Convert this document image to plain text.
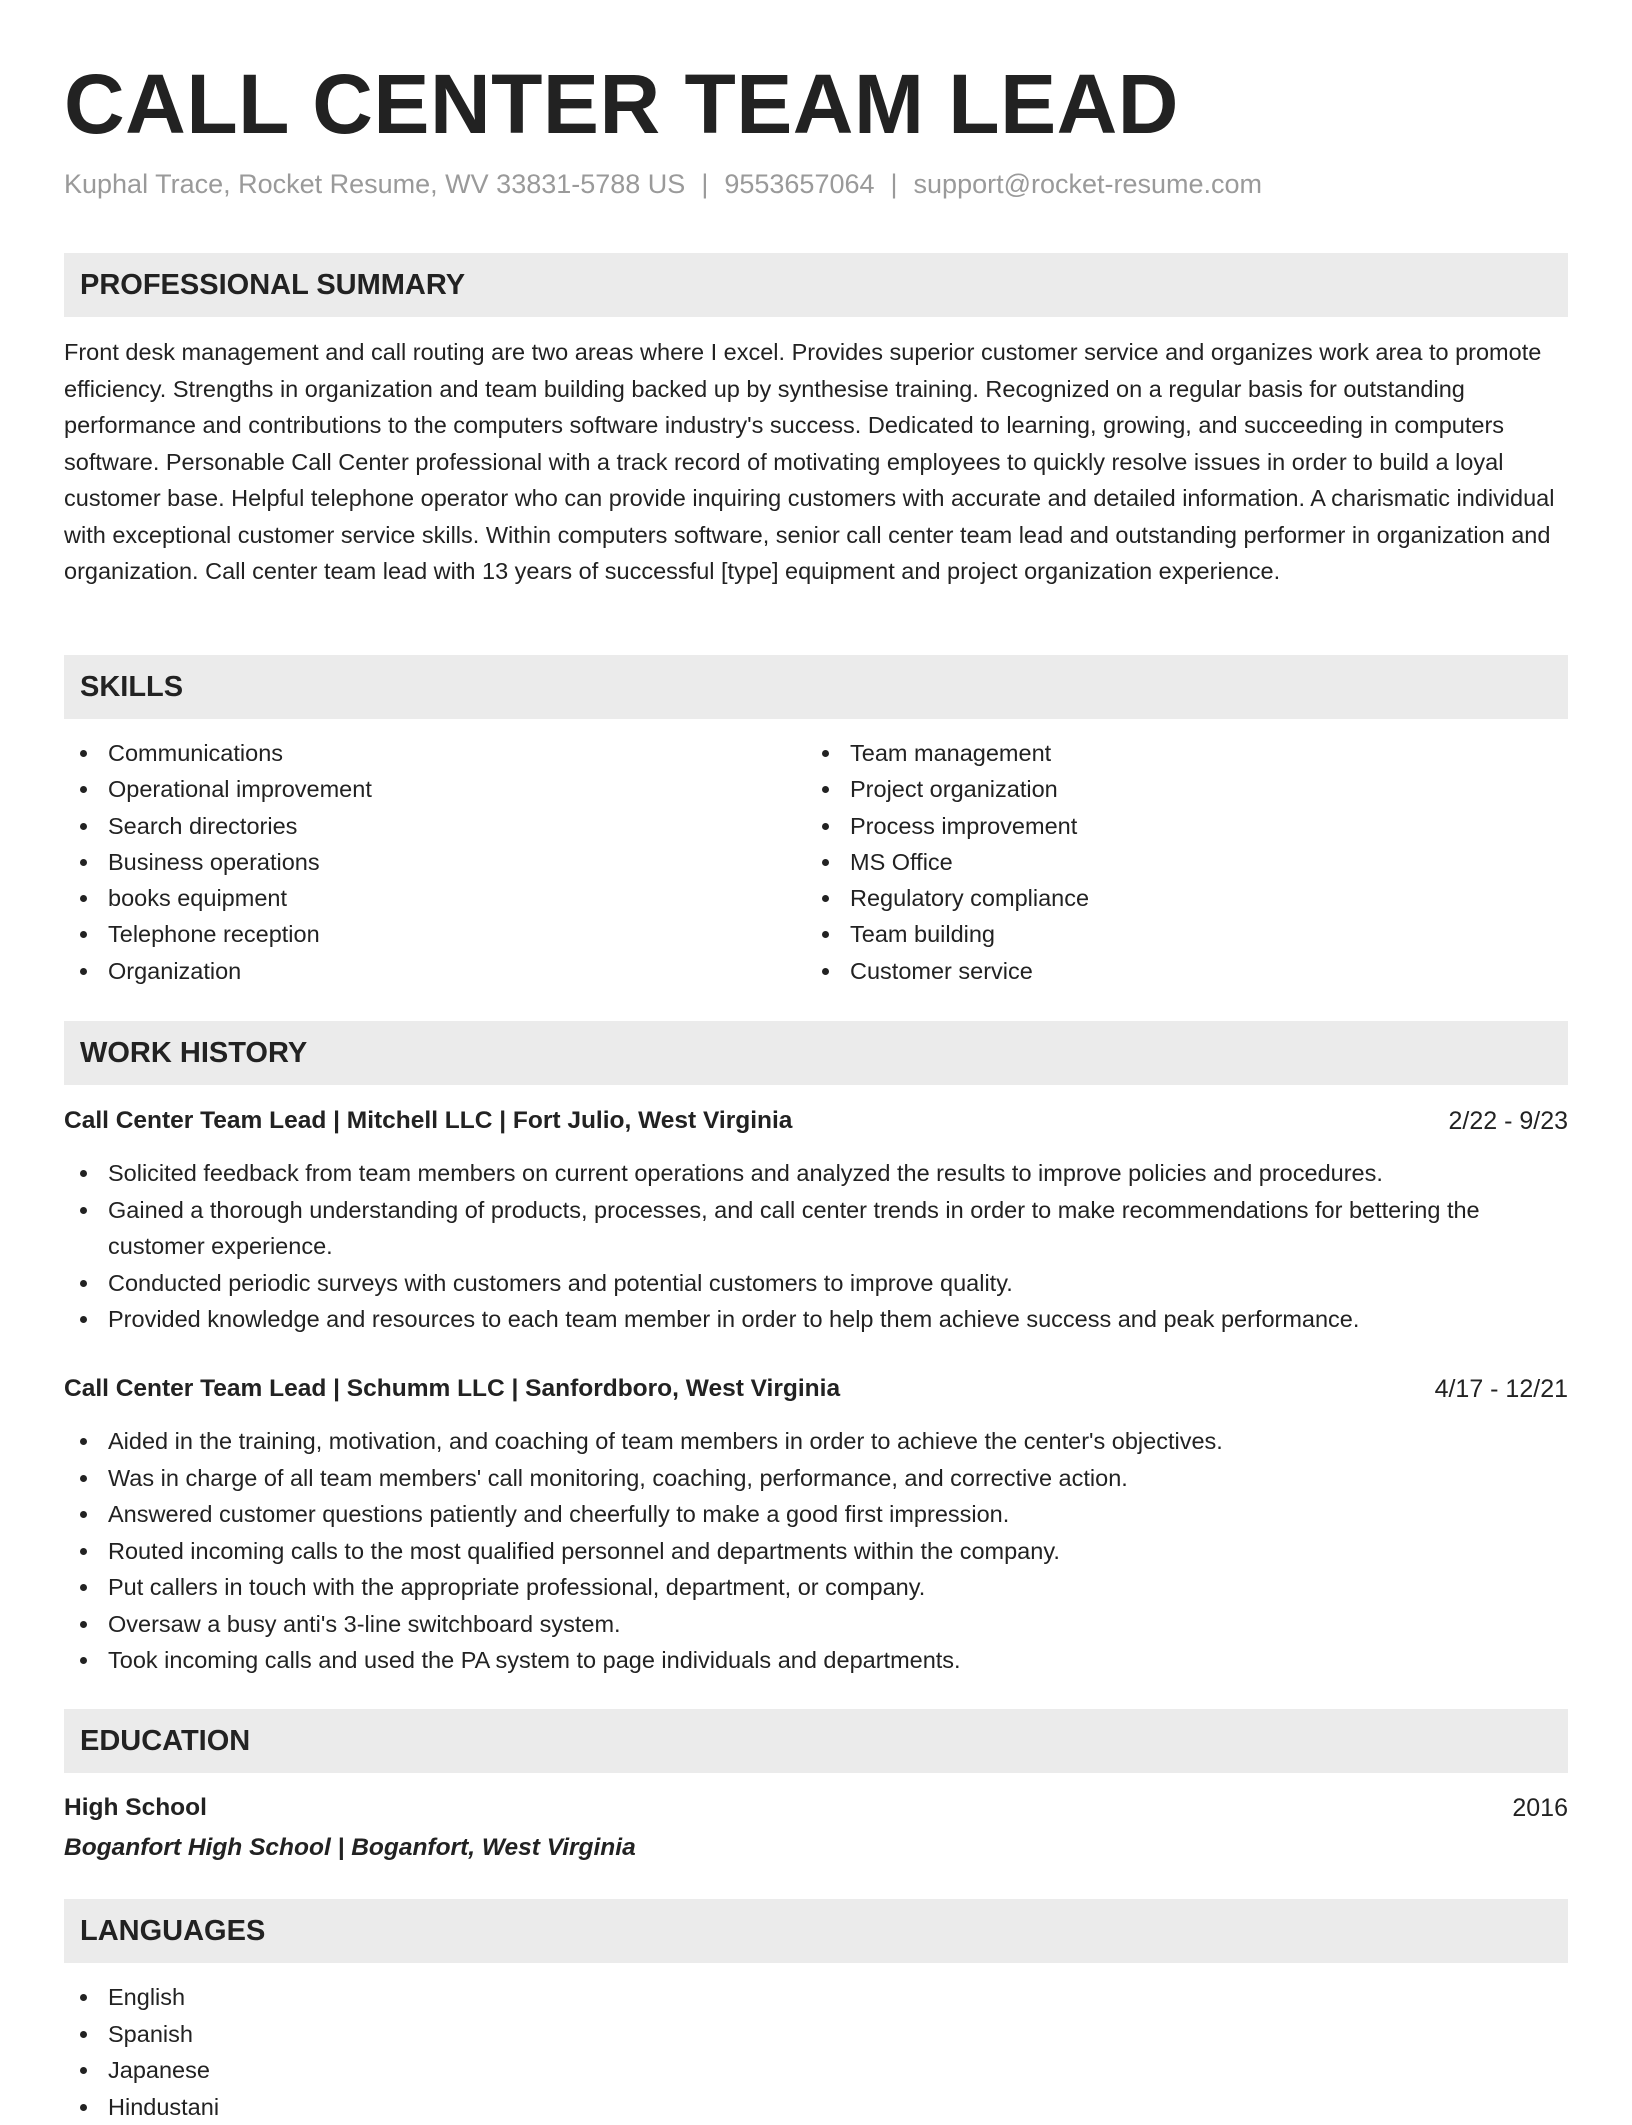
CALL CENTER TEAM LEAD
Kuphal Trace, Rocket Resume, WV 33831-5788 US | 9553657064 | support@rocket-resume.com
PROFESSIONAL SUMMARY

Front desk management and call routing are two areas where I excel. Provides superior customer service and organizes work area to promote efficiency. Strengths in organization and team building backed up by synthesise training. Recognized on a regular basis for outstanding performance and contributions to the computers software industry's success. Dedicated to learning, growing, and succeeding in computers software. Personable Call Center professional with a track record of motivating employees to quickly resolve issues in order to build a loyal customer base. Helpful telephone operator who can provide inquiring customers with accurate and detailed information. A charismatic individual with exceptional customer service skills. Within computers software, senior call center team lead and outstanding performer in organization and organization. Call center team lead with 13 years of successful [type] equipment and project organization experience.

SKILLS
Communications
Operational improvement
Search directories
Business operations
books equipment
Telephone reception
Organization
Team management
Project organization
Process improvement
MS Office
Regulatory compliance
Team building
Customer service
WORK HISTORY
Call Center Team Lead | Mitchell LLC | Fort Julio, West Virginia	2/22 - 9/23
Solicited feedback from team members on current operations and analyzed the results to improve policies and procedures.
Gained a thorough understanding of products, processes, and call center trends in order to make recommendations for bettering the customer experience.
Conducted periodic surveys with customers and potential customers to improve quality.
Provided knowledge and resources to each team member in order to help them achieve success and peak performance.
Call Center Team Lead | Schumm LLC | Sanfordboro, West Virginia	4/17 - 12/21
Aided in the training, motivation, and coaching of team members in order to achieve the center's objectives.
Was in charge of all team members' call monitoring, coaching, performance, and corrective action.
Answered customer questions patiently and cheerfully to make a good first impression.
Routed incoming calls to the most qualified personnel and departments within the company.
Put callers in touch with the appropriate professional, department, or company.
Oversaw a busy anti's 3-line switchboard system.
Took incoming calls and used the PA system to page individuals and departments.
EDUCATION
High School	2016
Boganfort High School | Boganfort, West Virginia
LANGUAGES
English
Spanish
Japanese
Hindustani
